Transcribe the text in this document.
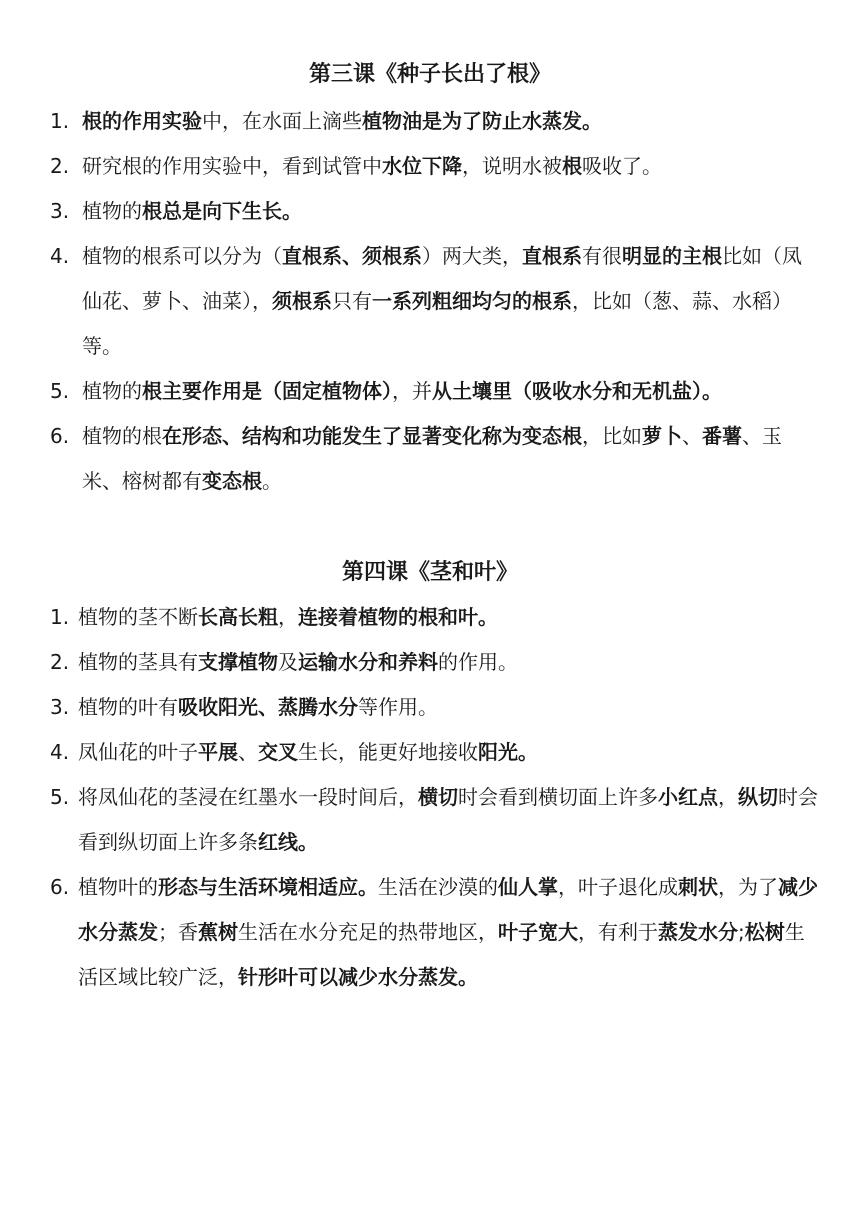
第三课《种子长出了根》
1. 根的作用实验中，在水面上滴些植物油是为了防止水蒸发。
2. 研究根的作用实验中，看到试管中水位下降，说明水被根吸收了。
3. 植物的根总是向下生长。
4. 植物的根系可以分为（直根系、须根系）两大类，直根系有很明显的主根比如（凤仙花、萝卜、油菜），须根系只有一系列粗细均匀的根系，比如（葱、蒜、水稻）等。
5. 植物的根主要作用是（固定植物体），并从土壤里（吸收水分和无机盐）。
6. 植物的根在形态、结构和功能发生了显著变化称为变态根，比如萝卜、番薯、玉米、榕树都有变态根。
第四课《茎和叶》
1. 植物的茎不断长高长粗，连接着植物的根和叶。
2. 植物的茎具有支撑植物及运输水分和养料的作用。
3. 植物的叶有吸收阳光、蒸腾水分等作用。
4. 凤仙花的叶子平展、交叉生长，能更好地接收阳光。
5. 将凤仙花的茎浸在红墨水一段时间后，横切时会看到横切面上许多小红点，纵切时会看到纵切面上许多条红线。
6. 植物叶的形态与生活环境相适应。生活在沙漠的仙人掌，叶子退化成刺状，为了减少水分蒸发；香蕉树生活在水分充足的热带地区，叶子宽大，有利于蒸发水分;松树生活区域比较广泛，针形叶可以减少水分蒸发。
